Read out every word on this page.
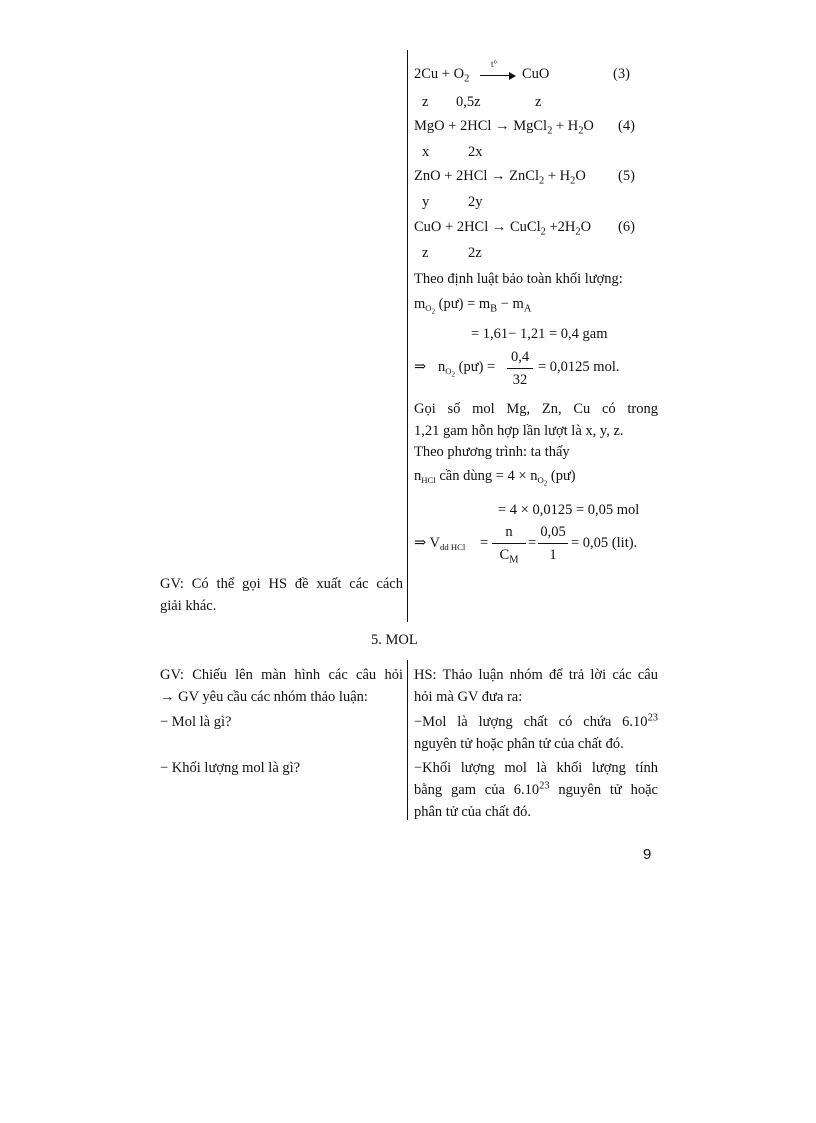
$2Cu + O_2$
t°
CuO	(3)
z 0,5z	z
MgO + 2HCl → MgCl$_2$ + $H_2O$ (4)
x	2x
ZnO + 2HCl → ZnCl$_2$ + $H_2O$ (5)
y	2y
CuO + 2HCl → CuCl$_2$ $+2H_2O$ (6)
z	2z
Theo định luật bảo toàn khối lượng:
$m_{O_2}$ (pư) = $m_B - m_A$
= 1,61− 1,21 = 0,4 gam
⇒ $n_{O_2}$ (pư) =
0,4
32
= 0,0125 mol.
Gọi số mol Mg, Zn, Cu có trong
1,21 gam hỗn hợp lần lượt là x, y, z.
Theo phương trình: ta thấy
$n_{HCl}$ cần dùng = $4 \times n_{O_2}$ (pư)
= 4 × 0,0125 = 0,05 mol
⇒ $V_{dd HCl}$ =
n
$C_M$
=
0,05
1
= 0,05 (lit).
GV: Có thể gọi HS đề xuất các cách
giải khác.
5. MOL
GV: Chiếu lên màn hình các câu hỏi
→ GV yêu cầu các nhóm thảo luận:
− Mol là gì?
− Khối lượng mol là gì?
HS: Thảo luận nhóm để trả lời các câu
hỏi mà GV đưa ra:
−Mol là lượng chất có chứa 6.10$^{23}$
nguyên tử hoặc phân tử của chất đó.
−Khối lượng mol là khối lượng tính
bằng gam của 6.10$^{23}$ nguyên tử hoặc
phân tử của chất đó.
9
